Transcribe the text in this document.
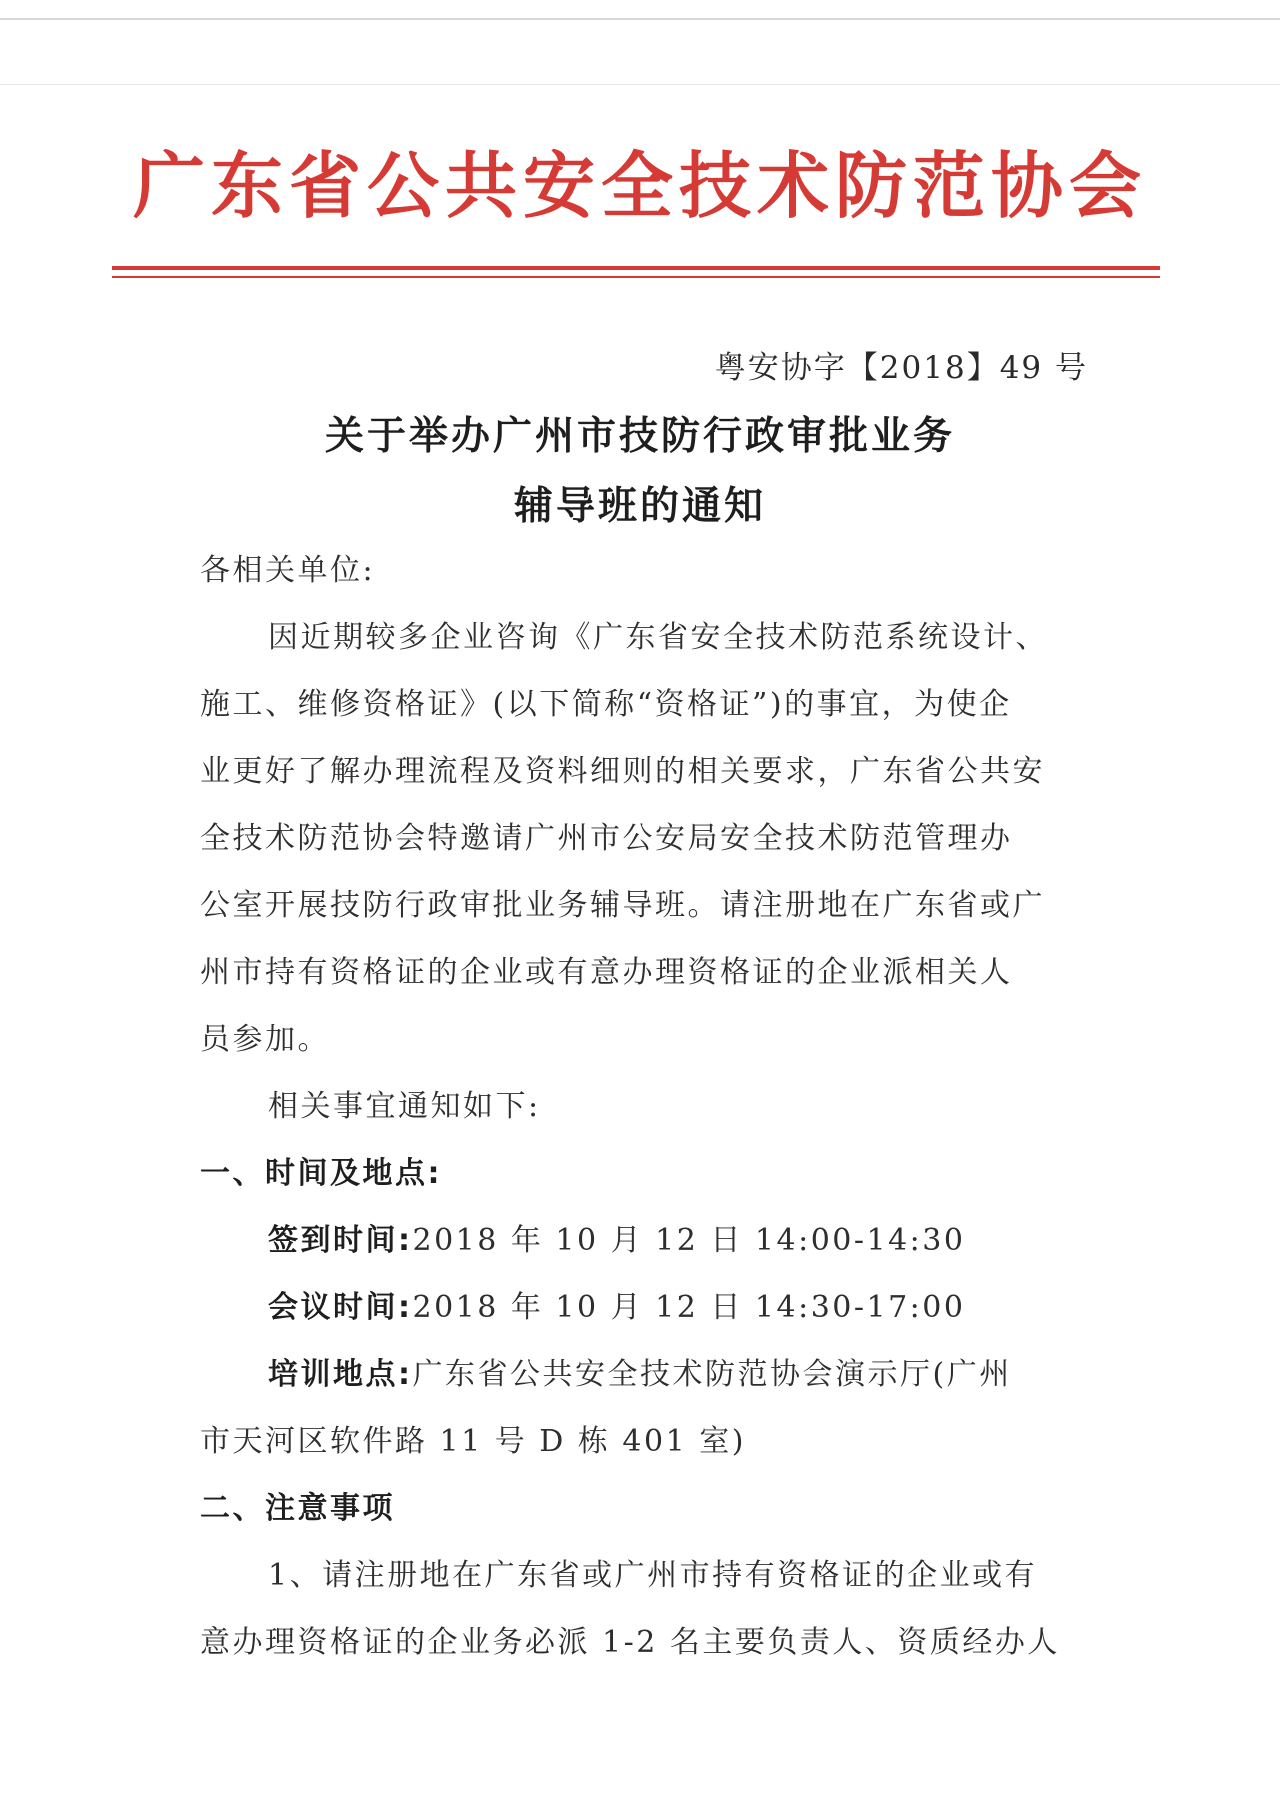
广东省公共安全技术防范协会
粤安协字【2018】49 号
关于举办广州市技防行政审批业务
辅导班的通知
各相关单位:
因近期较多企业咨询《广东省安全技术防范系统设计、
施工、维修资格证》(以下简称“资格证”)的事宜，为使企
业更好了解办理流程及资料细则的相关要求，广东省公共安
全技术防范协会特邀请广州市公安局安全技术防范管理办
公室开展技防行政审批业务辅导班。请注册地在广东省或广
州市持有资格证的企业或有意办理资格证的企业派相关人
员参加。
相关事宜通知如下:
一、时间及地点:
签到时间:2018 年 10 月 12 日 14:00-14:30
会议时间:2018 年 10 月 12 日 14:30-17:00
培训地点:广东省公共安全技术防范协会演示厅(广州
市天河区软件路 11 号 D 栋 401 室)
二、注意事项
1、请注册地在广东省或广州市持有资格证的企业或有
意办理资格证的企业务必派 1-2 名主要负责人、资质经办人
